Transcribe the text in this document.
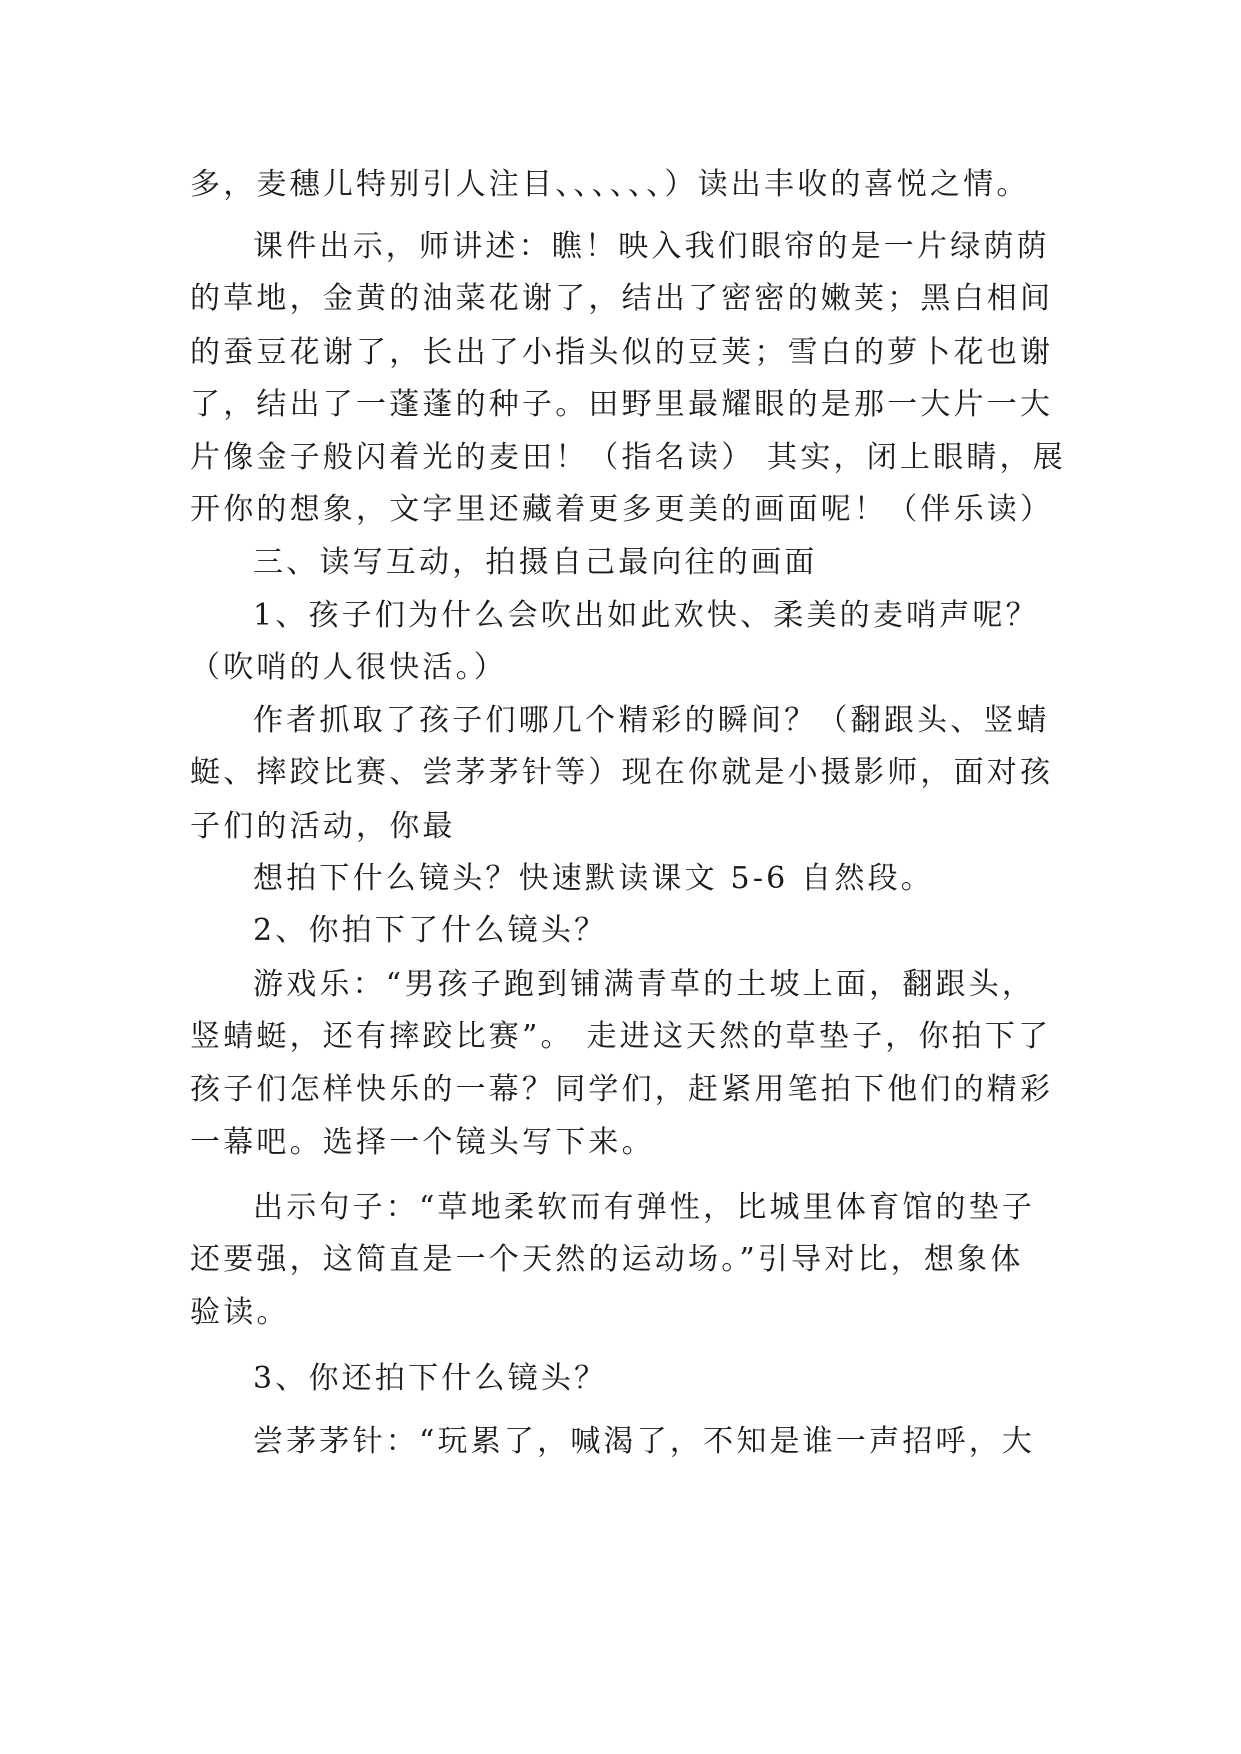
多，麦穗儿特别引人注目、、、、、、）读出丰收的喜悦之情。
课件出示，师讲述：瞧！映入我们眼帘的是一片绿荫荫
的草地，金黄的油菜花谢了，结出了密密的嫩荚；黑白相间
的蚕豆花谢了，长出了小指头似的豆荚；雪白的萝卜花也谢
了，结出了一蓬蓬的种子。田野里最耀眼的是那一大片一大
片像金子般闪着光的麦田！（指名读） 其实，闭上眼睛，展
开你的想象，文字里还藏着更多更美的画面呢！（伴乐读）
三、读写互动，拍摄自己最向往的画面
1、孩子们为什么会吹出如此欢快、柔美的麦哨声呢？
（吹哨的人很快活。）
作者抓取了孩子们哪几个精彩的瞬间？（翻跟头、竖蜻
蜓、摔跤比赛、尝茅茅针等）现在你就是小摄影师，面对孩
子们的活动，你最
想拍下什么镜头？快速默读课文 5-6 自然段。
2、你拍下了什么镜头？
游戏乐：“男孩子跑到铺满青草的土坡上面，翻跟头，
竖蜻蜓，还有摔跤比赛”。 走进这天然的草垫子，你拍下了
孩子们怎样快乐的一幕？同学们，赶紧用笔拍下他们的精彩
一幕吧。选择一个镜头写下来。
出示句子：“草地柔软而有弹性，比城里体育馆的垫子
还要强，这简直是一个天然的运动场。”引导对比，想象体
验读。
3、你还拍下什么镜头？
尝茅茅针：“玩累了，喊渴了，不知是谁一声招呼，大
